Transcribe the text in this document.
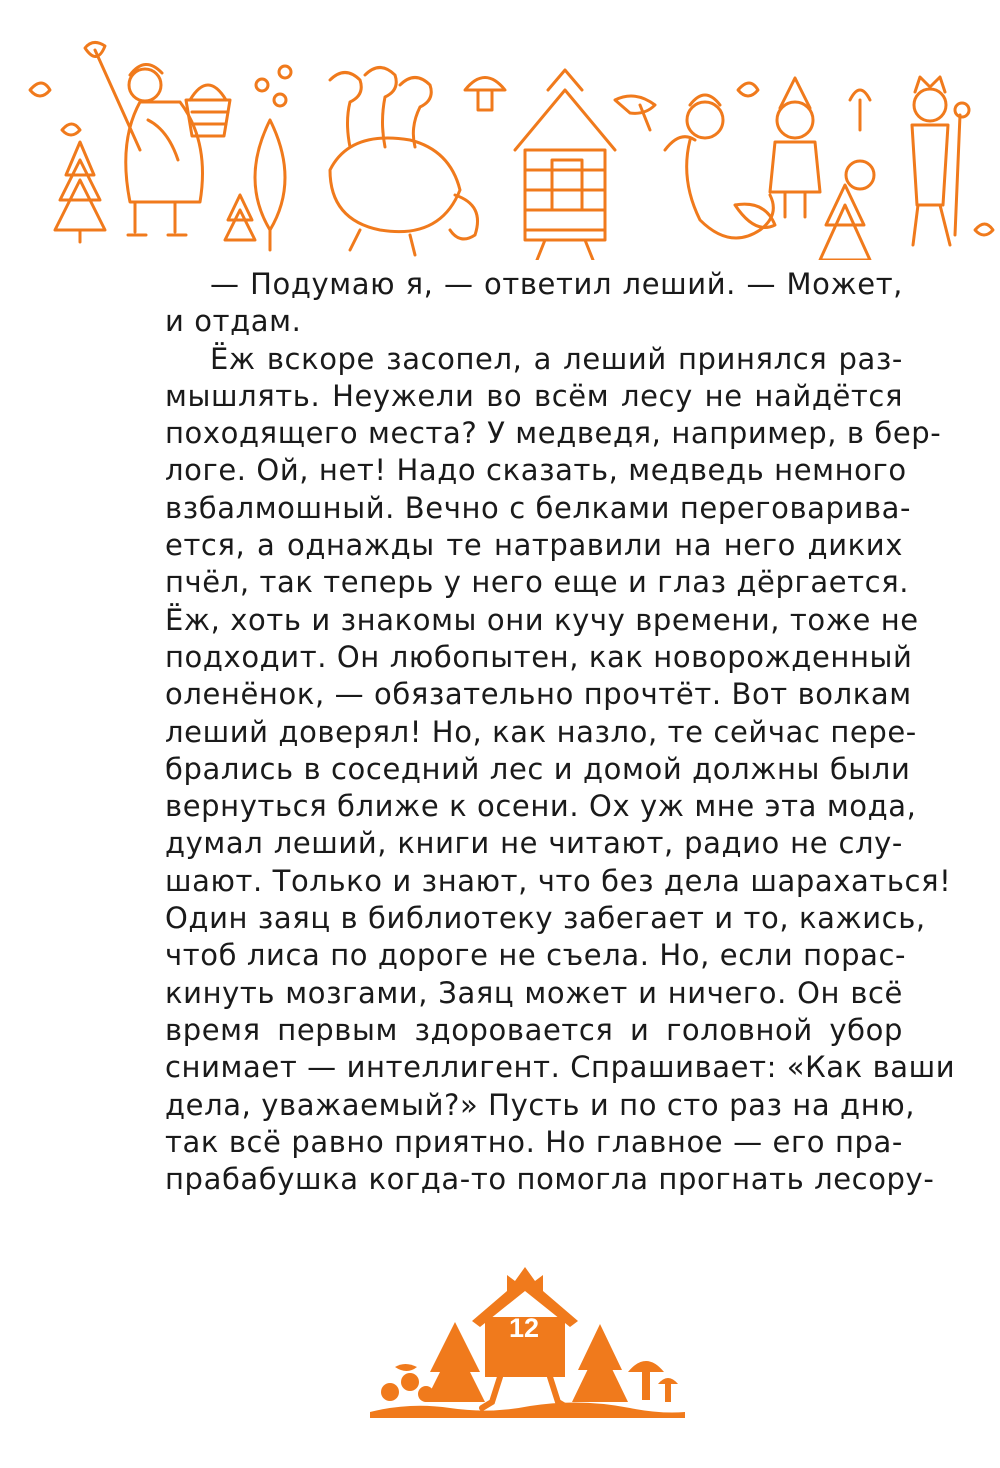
— Подумаю я, — ответил леший. — Может,
и отдам.
Ёж вскоре засопел, а леший принялся раз-
мышлять. Неужели во всём лесу не найдётся
походящего места? У медведя, например, в бер-
логе. Ой, нет! Надо сказать, медведь немного
взбалмошный. Вечно с белками переговарива-
ется, а однажды те натравили на него диких
пчёл, так теперь у него еще и глаз дёргается.
Ёж, хоть и знакомы они кучу времени, тоже не
подходит. Он любопытен, как новорожденный
оленёнок, — обязательно прочтёт. Вот волкам
леший доверял! Но, как назло, те сейчас пере-
брались в соседний лес и домой должны были
вернуться ближе к осени. Ох уж мне эта мода,
думал леший, книги не читают, радио не слу-
шают. Только и знают, что без дела шарахаться!
Один заяц в библиотеку забегает и то, кажись,
чтоб лиса по дороге не съела. Но, если порас-
кинуть мозгами, Заяц может и ничего. Он всё
время первым здоровается и головной убор
снимает — интеллигент. Спрашивает: «Как ваши
дела, уважаемый?» Пусть и по сто раз на дню,
так всё равно приятно. Но главное — его пра-
прабабушка когда-то помогла прогнать лесору-
12
